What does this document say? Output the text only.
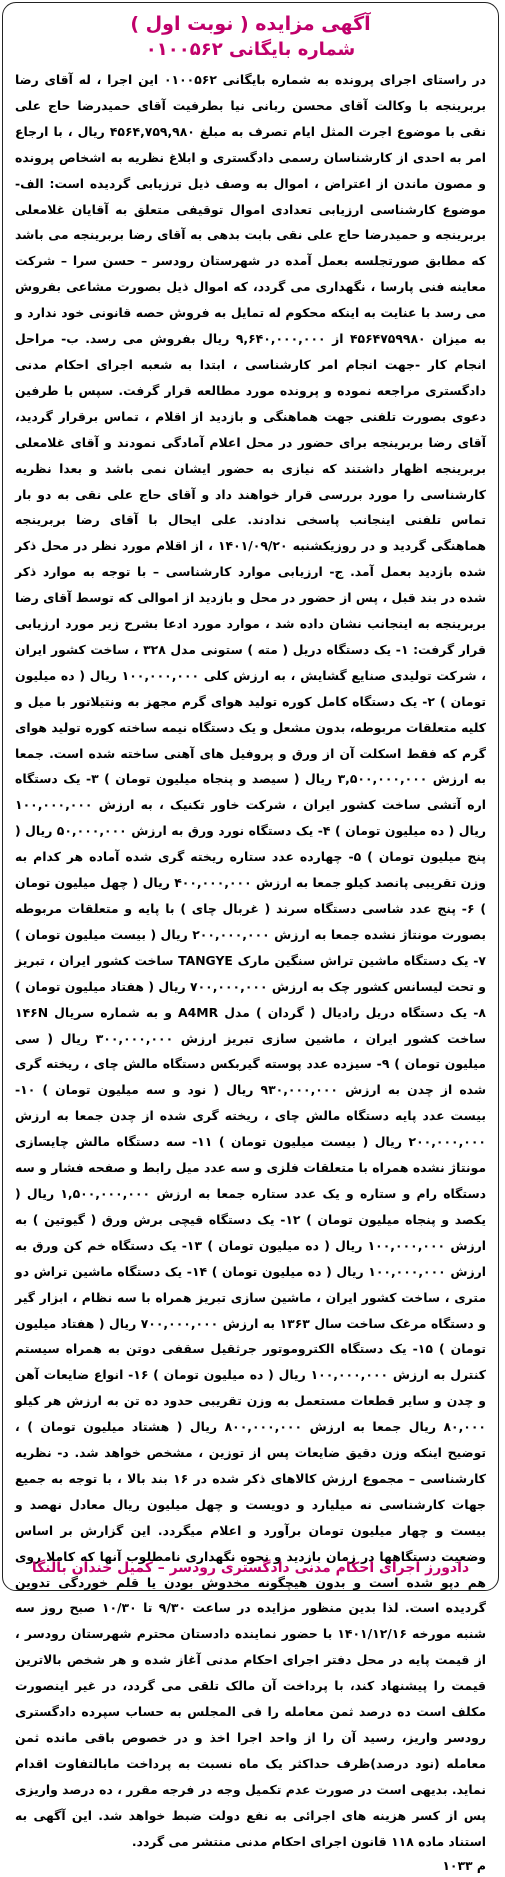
آگهی مزایده ( نوبت اول )
شماره بایگانی ۰۱۰۰۵۶۲
در راستای اجرای پرونده به شماره بایگانی ۰۱۰۰۵۶۲ این اجرا ، له آقای رضا بربرینجه با وکالت آقای محسن ربانی نیا بطرفیت آقای حمیدرضا حاج علی نقی با موضوع اجرت المثل ایام تصرف به مبلغ ۴۵۶۴,۷۵۹,۹۸۰ ریال ، با ارجاع امر به احدی از کارشناسان رسمی دادگستری و ابلاغ نظریه به اشخاص پرونده و مصون ماندن از اعتراض ، اموال به وصف ذیل ترزیابی گردیده است: الف- موضوع کارشناسی ارزیابی تعدادی اموال توقیفی متعلق به آقایان غلامعلی بربرینجه و حمیدرضا حاج علی نقی بابت بدهی به آقای رضا بربرینجه می باشد که مطابق صورتجلسه بعمل آمده در شهرستان رودسر – حسن سرا – شرکت معاینه فنی پارسا ، نگهداری می گردد، که اموال ذیل بصورت مشاعی بفروش می رسد با عنایت به اینکه محکوم له تمایل به فروش حصه قانونی خود ندارد و به میزان ۴۵۶۴۷۵۹۹۸۰ از ۹,۶۴۰,۰۰۰,۰۰۰ ریال بفروش می رسد. ب- مراحل انجام کار -جهت انجام امر کارشناسی ، ابتدا به شعبه اجرای احکام مدنی دادگستری مراجعه نموده و پرونده مورد مطالعه قرار گرفت. سپس با طرفین دعوی بصورت تلفنی جهت هماهنگی و بازدید از اقلام ، تماس برقرار گردید، آقای رضا بربرینجه برای حضور در محل اعلام آمادگی نمودند و آقای غلامعلی بربرینجه اظهار داشتند که نیازی به حضور ایشان نمی باشد و بعدا نظریه کارشناسی را مورد بررسی قرار خواهند داد و آقای حاج علی نقی به دو بار تماس تلفنی اینجانب پاسخی ندادند. علی ایحال با آقای رضا بربرینجه هماهنگی گردید و در روزیکشنبه ۱۴۰۱/۰۹/۲۰ ، از اقلام مورد نظر در محل ذکر شده بازدید بعمل آمد. ج- ارزیابی موارد کارشناسی – با توجه به موارد ذکر شده در بند قبل ، پس از حضور در محل و بازدید از اموالی که توسط آقای رضا بربرینجه به اینجانب نشان داده شد ، موارد مورد ادعا بشرح زیر مورد ارزیابی قرار گرفت: ۱- یک دستگاه دریل ( مته ) ستونی مدل ۳۲۸ ، ساخت کشور ایران ، شرکت تولیدی صنایع گشایش ، به ارزش کلی ۱۰۰,۰۰۰,۰۰۰ ریال ( ده میلیون تومان ) ۲- یک دستگاه کامل کوره تولید هوای گرم مجهز به ونتیلاتور با میل و کلیه متعلقات مربوطه، بدون مشعل و یک دستگاه نیمه ساخته کوره تولید هوای گرم که فقط اسکلت آن از ورق و پروفیل های آهنی ساخته شده است. جمعا به ارزش ۳,۵۰۰,۰۰۰,۰۰۰ ریال ( سیصد و پنجاه میلیون تومان ) ۳- یک دستگاه اره آتشی ساخت کشور ایران ، شرکت خاور تکنیک ، به ارزش ۱۰۰,۰۰۰,۰۰۰ ریال ( ده میلیون تومان ) ۴- یک دستگاه نورد ورق به ارزش ۵۰,۰۰۰,۰۰۰ ریال ( پنج میلیون تومان ) ۵- چهارده عدد ستاره ریخته گری شده آماده هر کدام به وزن تقریبی پانصد کیلو جمعا به ارزش ۴۰۰,۰۰۰,۰۰۰ ریال ( چهل میلیون تومان ) ۶- پنج عدد شاسی دستگاه سرند ( غربال چای ) با پایه و متعلقات مربوطه بصورت مونتاژ نشده جمعا به ارزش ۲۰۰,۰۰۰,۰۰۰ ریال ( بیست میلیون تومان ) ۷- یک دستگاه ماشین تراش سنگین مارک TANGYE ساخت کشور ایران ، تبریز و تحت لیسانس کشور چک به ارزش ۷۰۰,۰۰۰,۰۰۰ ریال ( هفتاد میلیون تومان ) ۸- یک دستگاه دریل رادیال ( گردان ) مدل A4MR و به شماره سریال ۱۴۶N ساخت کشور ایران ، ماشین سازی تبریز ارزش ۳۰۰,۰۰۰,۰۰۰ ریال ( سی میلیون تومان ) ۹- سیزده عدد پوسته گیربکس دستگاه مالش چای ، ریخته گری شده از چدن به ارزش ۹۳۰,۰۰۰,۰۰۰ ریال ( نود و سه میلیون تومان ) ۱۰- بیست عدد پایه دستگاه مالش چای ، ریخته گری شده از چدن جمعا به ارزش ۲۰۰,۰۰۰,۰۰۰ ریال ( بیست میلیون تومان ) ۱۱- سه دستگاه مالش چایسازی مونتاژ نشده همراه با متعلقات فلزی و سه عدد میل رابط و صفحه فشار و سه دستگاه رام و ستاره و یک عدد ستاره جمعا به ارزش ۱,۵۰۰,۰۰۰,۰۰۰ ریال ( یکصد و پنجاه میلیون تومان ) ۱۲- یک دستگاه قیچی برش ورق ( گیوتین ) به ارزش ۱۰۰,۰۰۰,۰۰۰ ریال ( ده میلیون تومان ) ۱۳- یک دستگاه خم کن ورق به ارزش ۱۰۰,۰۰۰,۰۰۰ ریال ( ده میلیون تومان ) ۱۴- یک دستگاه ماشین تراش دو متری ، ساخت کشور ایران ، ماشین سازی تبریز همراه با سه نظام ، ابزار گیر و دستگاه مرغک ساخت سال ۱۳۶۳ به ارزش ۷۰۰,۰۰۰,۰۰۰ ریال ( هفتاد میلیون تومان ) ۱۵- یک دستگاه الکتروموتور جرثقیل سقفی دوتن به همراه سیستم کنترل به ارزش ۱۰۰,۰۰۰,۰۰۰ ریال ( ده میلیون تومان ) ۱۶- انواع ضایعات آهن و چدن و سایر قطعات مستعمل به وزن تقریبی حدود ده تن به ارزش هر کیلو ۸۰,۰۰۰ ریال جمعا به ارزش ۸۰۰,۰۰۰,۰۰۰ ریال ( هشتاد میلیون تومان ) ، توضیح اینکه وزن دقیق ضایعات پس از توزین ، مشخص خواهد شد. د- نظریه کارشناسی – مجموع ارزش کالاهای ذکر شده در ۱۶ بند بالا ، با توجه به جمیع جهات کارشناسی نه میلیارد و دویست و چهل میلیون ریال معادل نهصد و بیست و چهار میلیون تومان برآورد و اعلام میگردد. این گزارش بر اساس وضعیت دستگاهها در زمان بازدید و نحوه نگهداری نامطلوب آنها که کاملا روی هم دپو شده است و بدون هیچگونه مخدوش بودن یا قلم خوردگی تدوین گردیده است. لذا بدین منظور مزایده در ساعت ۹/۳۰ تا ۱۰/۳۰ صبح روز سه شنبه مورخه ۱۴۰۱/۱۲/۱۶ با حضور نماینده دادستان محترم شهرستان رودسر ، از قیمت پایه در محل دفتر اجرای احکام مدنی آغاز شده و هر شخص بالاترین قیمت را پیشنهاد کند، با پرداخت آن مالک تلقی می گردد، در غیر اینصورت مکلف است ده درصد ثمن معامله را فی المجلس به حساب سپرده دادگستری رودسر واریز، رسید آن را از واحد اجرا اخذ و در خصوص باقی مانده ثمن معامله (نود درصد)ظرف حداکثر یک ماه نسبت به پرداخت مابالتفاوت اقدام نماید. بدیهی است در صورت عدم تکمیل وجه در فرجه مقرر ، ده درصد واریزی پس از کسر هزینه های اجرائی به نفع دولت ضبط خواهد شد. این آگهی به استناد ماده ۱۱۸ قانون اجرای احکام مدنی منتشر می گردد.
م ۱۰۳۳
دادورز اجرای احکام مدنی دادگستری رودسر – کمیل خندان بالنگا
